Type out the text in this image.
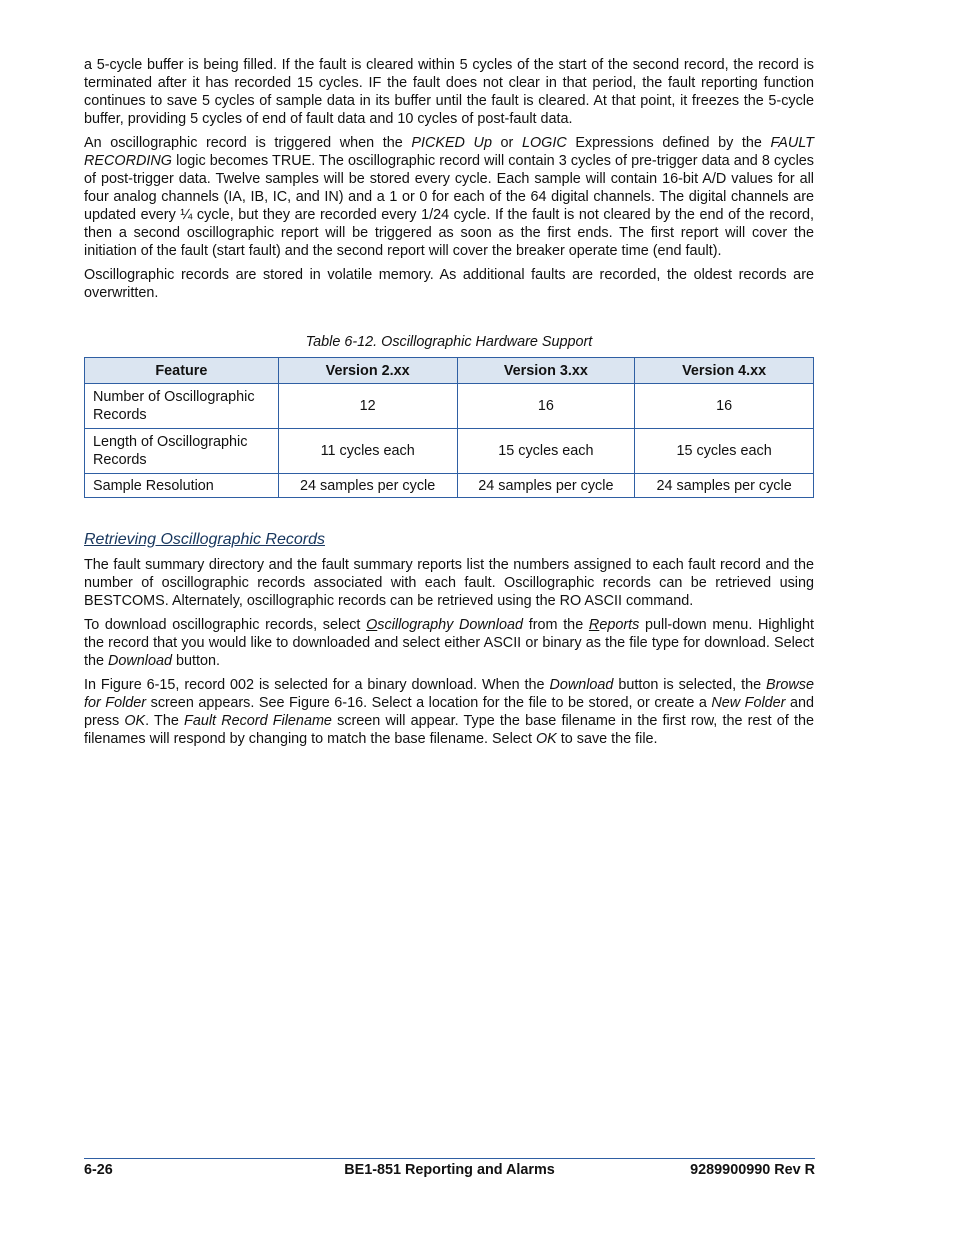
a 5-cycle buffer is being filled. If the fault is cleared within 5 cycles of the start of the second record, the record is terminated after it has recorded 15 cycles. IF the fault does not clear in that period, the fault reporting function continues to save 5 cycles of sample data in its buffer until the fault is cleared. At that point, it freezes the 5-cycle buffer, providing 5 cycles of end of fault data and 10 cycles of post-fault data.

An oscillographic record is triggered when the PICKED Up or LOGIC Expressions defined by the FAULT RECORDING logic becomes TRUE. The oscillographic record will contain 3 cycles of pre-trigger data and 8 cycles of post-trigger data. Twelve samples will be stored every cycle. Each sample will contain 16-bit A/D values for all four analog channels (IA, IB, IC, and IN) and a 1 or 0 for each of the 64 digital channels. The digital channels are updated every ¼ cycle, but they are recorded every 1/24 cycle. If the fault is not cleared by the end of the record, then a second oscillographic report will be triggered as soon as the first ends. The first report will cover the initiation of the fault (start fault) and the second report will cover the breaker operate time (end fault).

Oscillographic records are stored in volatile memory. As additional faults are recorded, the oldest records are overwritten.

Table 6-12. Oscillographic Hardware Support
Feature	Version 2.xx	Version 3.xx	Version 4.xx
Number of Oscillographic Records	12	16	16
Length of Oscillographic Records	11 cycles each	15 cycles each	15 cycles each
Sample Resolution	24 samples per cycle	24 samples per cycle	24 samples per cycle
Retrieving Oscillographic Records

The fault summary directory and the fault summary reports list the numbers assigned to each fault record and the number of oscillographic records associated with each fault. Oscillographic records can be retrieved using BESTCOMS. Alternately, oscillographic records can be retrieved using the RO ASCII command.

To download oscillographic records, select Oscillography Download from the Reports pull-down menu. Highlight the record that you would like to downloaded and select either ASCII or binary as the file type for download. Select the Download button.

In Figure 6-15, record 002 is selected for a binary download. When the Download button is selected, the Browse for Folder screen appears. See Figure 6-16. Select a location for the file to be stored, or create a New Folder and press OK. The Fault Record Filename screen will appear. Type the base filename in the first row, the rest of the filenames will respond by changing to match the base filename. Select OK to save the file.

6-26	BE1-851 Reporting and Alarms	9289900990 Rev R
